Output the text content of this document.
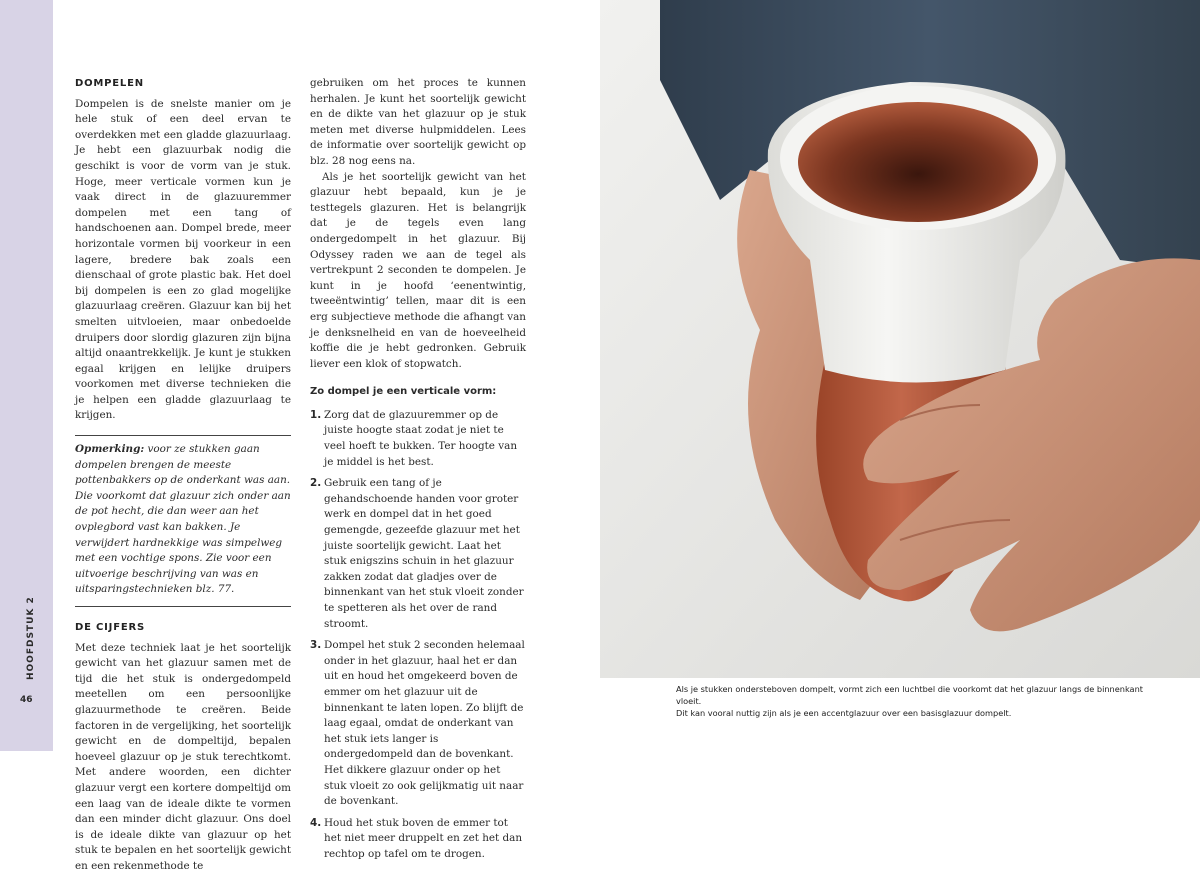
HOOFDSTUK 2
46
DOMPELEN

Dompelen is de snelste manier om je hele stuk of een deel ervan te overdekken met een gladde glazuurlaag. Je hebt een glazuurbak nodig die geschikt is voor de vorm van je stuk. Hoge, meer verticale vormen kun je vaak direct in de glazuuremmer dompelen met een tang of handschoenen aan. Dompel brede, meer horizontale vormen bij voorkeur in een lagere, bredere bak zoals een dienschaal of grote plastic bak. Het doel bij dompelen is een zo glad mogelijke glazuurlaag creëren. Glazuur kan bij het smelten uitvloeien, maar onbedoelde druipers door slordig glazuren zijn bijna altijd onaantrekkelijk. Je kunt je stukken egaal krijgen en lelijke druipers voorkomen met diverse technieken die je helpen een gladde glazuurlaag te krijgen.

Opmerking: voor ze stukken gaan dompelen brengen de meeste pottenbakkers op de onderkant was aan. Die voorkomt dat glazuur zich onder aan de pot hecht, die dan weer aan het ovplegbord vast kan bakken. Je verwijdert hardnekkige was simpelweg met een vochtige spons. Zie voor een uitvoerige beschrijving van was en uitsparingstechnieken blz. 77.
DE CIJFERS

Met deze techniek laat je het soortelijk gewicht van het glazuur samen met de tijd die het stuk is ondergedompeld meetellen om een persoonlijke glazuurmethode te creëren. Beide factoren in de vergelijking, het soortelijk gewicht en de dompeltijd, bepalen hoeveel glazuur op je stuk terechtkomt. Met andere woorden, een dichter glazuur vergt een kortere dompeltijd om een laag van de ideale dikte te vormen dan een minder dicht glazuur. Ons doel is de ideale dikte van glazuur op het stuk te bepalen en het soortelijk gewicht en een rekenmethode te

gebruiken om het proces te kunnen herhalen. Je kunt het soortelijk gewicht en de dikte van het glazuur op je stuk meten met diverse hulpmiddelen. Lees de informatie over soortelijk gewicht op blz. 28 nog eens na.

Als je het soortelijk gewicht van het glazuur hebt bepaald, kun je je testtegels glazuren. Het is belangrijk dat je de tegels even lang ondergedompelt in het glazuur. Bij Odyssey raden we aan de tegel als vertrekpunt 2 seconden te dompelen. Je kunt in je hoofd ‘eenentwintig, tweeëntwintig’ tellen, maar dit is een erg subjectieve methode die afhangt van je denksnelheid en van de hoeveelheid koffie die je hebt gedronken. Gebruik liever een klok of stopwatch.

Zo dompel je een verticale vorm:
1. Zorg dat de glazuuremmer op de juiste hoogte staat zodat je niet te veel hoeft te bukken. Ter hoogte van je middel is het best.
2. Gebruik een tang of je gehandschoende handen voor groter werk en dompel dat in het goed gemengde, gezeefde glazuur met het juiste soortelijk gewicht. Laat het stuk enigszins schuin in het glazuur zakken zodat dat gladjes over de binnenkant van het stuk vloeit zonder te spetteren als het over de rand stroomt.
3. Dompel het stuk 2 seconden helemaal onder in het glazuur, haal het er dan uit en houd het omgekeerd boven de emmer om het glazuur uit de binnenkant te laten lopen. Zo blijft de laag egaal, omdat de onderkant van het stuk iets langer is ondergedompeld dan de bovenkant. Het dikkere glazuur onder op het stuk vloeit zo ook gelijkmatig uit naar de bovenkant.
4. Houd het stuk boven de emmer tot het niet meer druppelt en zet het dan rechtop op tafel om te drogen.
Als je stukken ondersteboven dompelt, vormt zich een luchtbel die voorkomt dat het glazuur langs de binnenkant vloeit.
Dit kan vooral nuttig zijn als je een accentglazuur over een basisglazuur dompelt.
